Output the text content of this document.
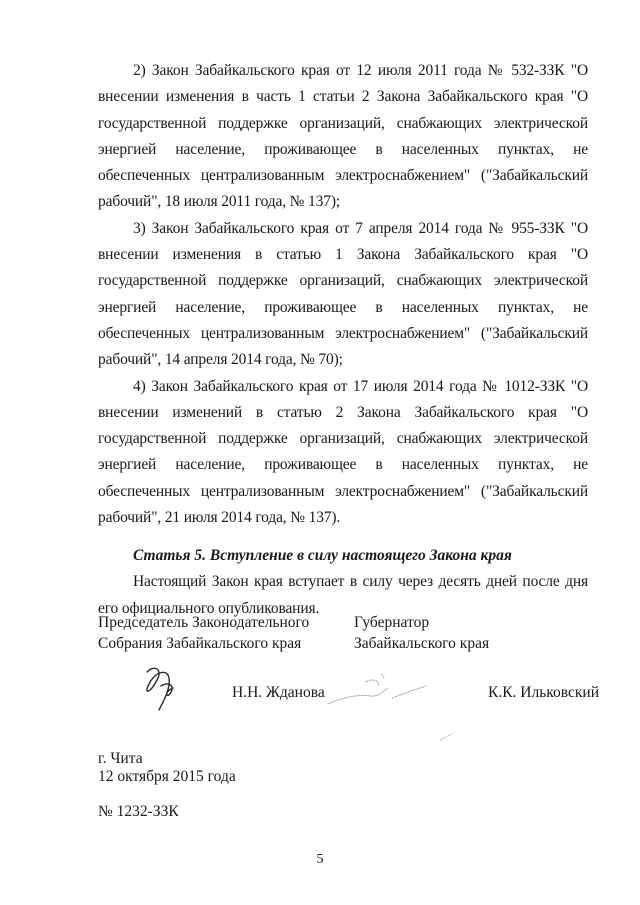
2) Закон Забайкальского края от 12 июля 2011 года № 532-ЗЗК "О внесении изменения в часть 1 статьи 2 Закона Забайкальского края "О государственной поддержке организаций, снабжающих электрической энергией население, проживающее в населенных пунктах, не обеспеченных централизованным электроснабжением" ("Забайкальский рабочий", 18 июля 2011 года, № 137);

3) Закон Забайкальского края от 7 апреля 2014 года № 955-ЗЗК "О внесении изменения в статью 1 Закона Забайкальского края "О государственной поддержке организаций, снабжающих электрической энергией население, проживающее в населенных пунктах, не обеспеченных централизованным электроснабжением" ("Забайкальский рабочий", 14 апреля 2014 года, № 70);

4) Закон Забайкальского края от 17 июля 2014 года № 1012-ЗЗК "О внесении изменений в статью 2 Закона Забайкальского края "О государственной поддержке организаций, снабжающих электрической энергией население, проживающее в населенных пунктах, не обеспеченных централизованным электроснабжением" ("Забайкальский рабочий", 21 июля 2014 года, № 137).

Статья 5. Вступление в силу настоящего Закона края

Настоящий Закон края вступает в силу через десять дней после дня его официального опубликования.

Председатель Законодательного
Собрания Забайкальского края
Губернатор
Забайкальского края
Н.Н. Жданова	К.К. Ильковский
г. Чита
12 октября 2015 года
№ 1232-ЗЗК
5
